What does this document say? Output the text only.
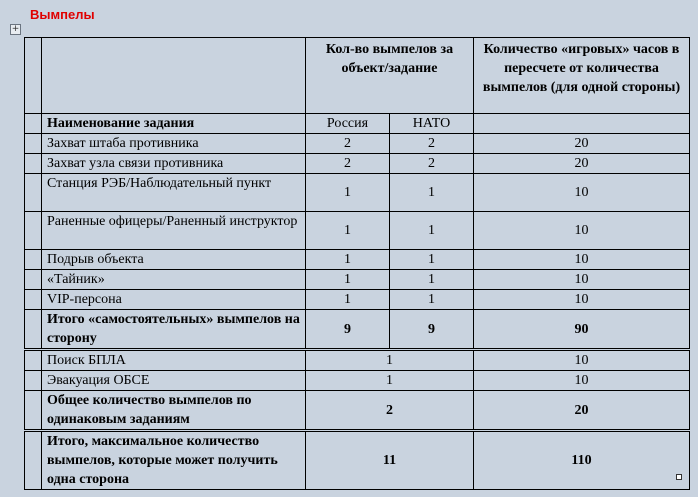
Вымпелы
+
		Кол-во вымпелов за объект/задание		Количество «игровых» часов в пересчете от количества вымпелов (для одной стороны)
	Наименование задания	Россия	НАТО	
	Захват штаба противника	2	2	20
	Захват узла связи противника	2	2	20
	Станция РЭБ/Наблюдательный пункт	1	1	10
	Раненные офицеры/Раненный инструктор	1	1	10
	Подрыв объекта	1	1	10
	«Тайник»	1	1	10
	VIP-персона	1	1	10
	Итого «самостоятельных» вымпелов на сторону	9	9	90
	Поиск БПЛА	1		10
	Эвакуация ОБСЕ	1		10
	Общее количество вымпелов по одинаковым заданиям	2		20
	Итого, максимальное количество вымпелов, которые может получить одна сторона	11		110
